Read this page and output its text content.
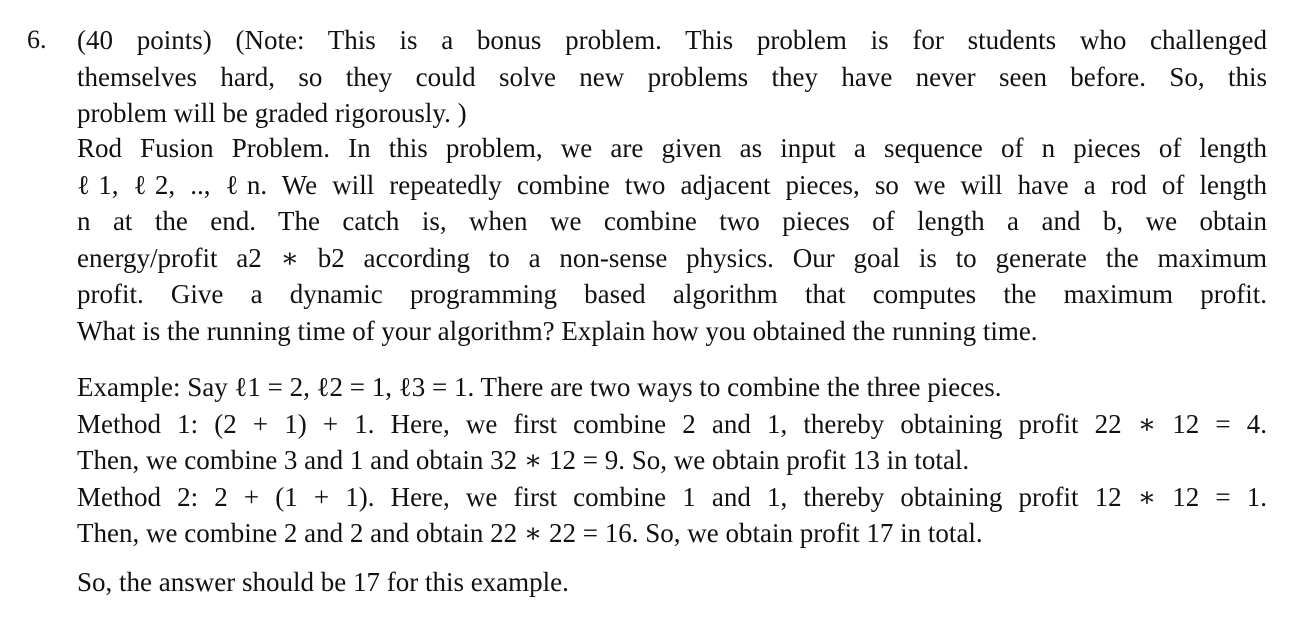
6. (40 points) (Note: This is a bonus problem. This problem is for students who challenged
themselves hard, so they could solve new problems they have never seen before. So, this
problem will be graded rigorously. )
Rod Fusion Problem. In this problem, we are given as input a sequence of n pieces of length
ℓ1, ℓ2, .., ℓn. We will repeatedly combine two adjacent pieces, so we will have a rod of length
n at the end. The catch is, when we combine two pieces of length a and b, we obtain
energy/profit a2 ∗ b2 according to a non-sense physics. Our goal is to generate the maximum
profit. Give a dynamic programming based algorithm that computes the maximum profit.
What is the running time of your algorithm? Explain how you obtained the running time.
Example: Say ℓ1 = 2, ℓ2 = 1, ℓ3 = 1. There are two ways to combine the three pieces.
Method 1: (2 + 1) + 1. Here, we first combine 2 and 1, thereby obtaining profit 22 ∗ 12 = 4.
Then, we combine 3 and 1 and obtain 32 ∗ 12 = 9. So, we obtain profit 13 in total.
Method 2: 2 + (1 + 1). Here, we first combine 1 and 1, thereby obtaining profit 12 ∗ 12 = 1.
Then, we combine 2 and 2 and obtain 22 ∗ 22 = 16. So, we obtain profit 17 in total.
So, the answer should be 17 for this example.
